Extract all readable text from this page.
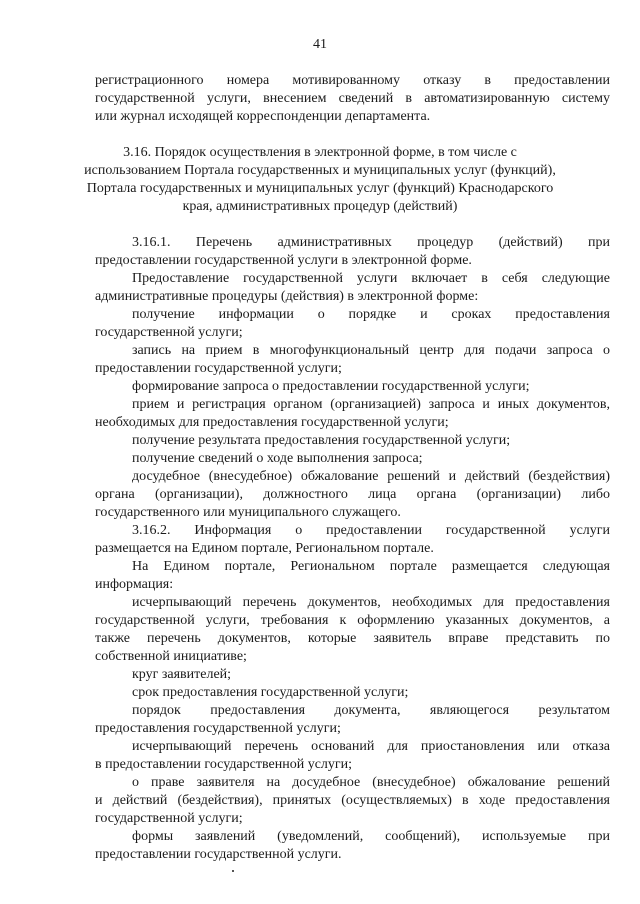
41
регистрационного номера мотивированному отказу в предоставлении
государственной услуги, внесением сведений в автоматизированную систему
или журнал исходящей корреспонденции департамента.
3.16. Порядок осуществления в электронной форме, в том числе с
использованием Портала государственных и муниципальных услуг (функций),
Портала государственных и муниципальных услуг (функций) Краснодарского
края, административных процедур (действий)
3.16.1. Перечень административных процедур (действий) при
предоставлении государственной услуги в электронной форме.
Предоставление государственной услуги включает в себя следующие
административные процедуры (действия) в электронной форме:
получение информации о порядке и сроках предоставления
государственной услуги;
запись на прием в многофункциональный центр для подачи запроса о
предоставлении государственной услуги;
формирование запроса о предоставлении государственной услуги;
прием и регистрация органом (организацией) запроса и иных документов,
необходимых для предоставления государственной услуги;
получение результата предоставления государственной услуги;
получение сведений о ходе выполнения запроса;
досудебное (внесудебное) обжалование решений и действий (бездействия)
органа (организации), должностного лица органа (организации) либо
государственного или муниципального служащего.
3.16.2. Информация о предоставлении государственной услуги
размещается на Едином портале, Региональном портале.
На Едином портале, Региональном портале размещается следующая
информация:
исчерпывающий перечень документов, необходимых для предоставления
государственной услуги, требования к оформлению указанных документов, а
также перечень документов, которые заявитель вправе представить по
собственной инициативе;
круг заявителей;
срок предоставления государственной услуги;
порядок предоставления документа, являющегося результатом
предоставления государственной услуги;
исчерпывающий перечень оснований для приостановления или отказа
в предоставлении государственной услуги;
о праве заявителя на досудебное (внесудебное) обжалование решений
и действий (бездействия), принятых (осуществляемых) в ходе предоставления
государственной услуги;
формы заявлений (уведомлений, сообщений), используемые при
предоставлении государственной услуги.
